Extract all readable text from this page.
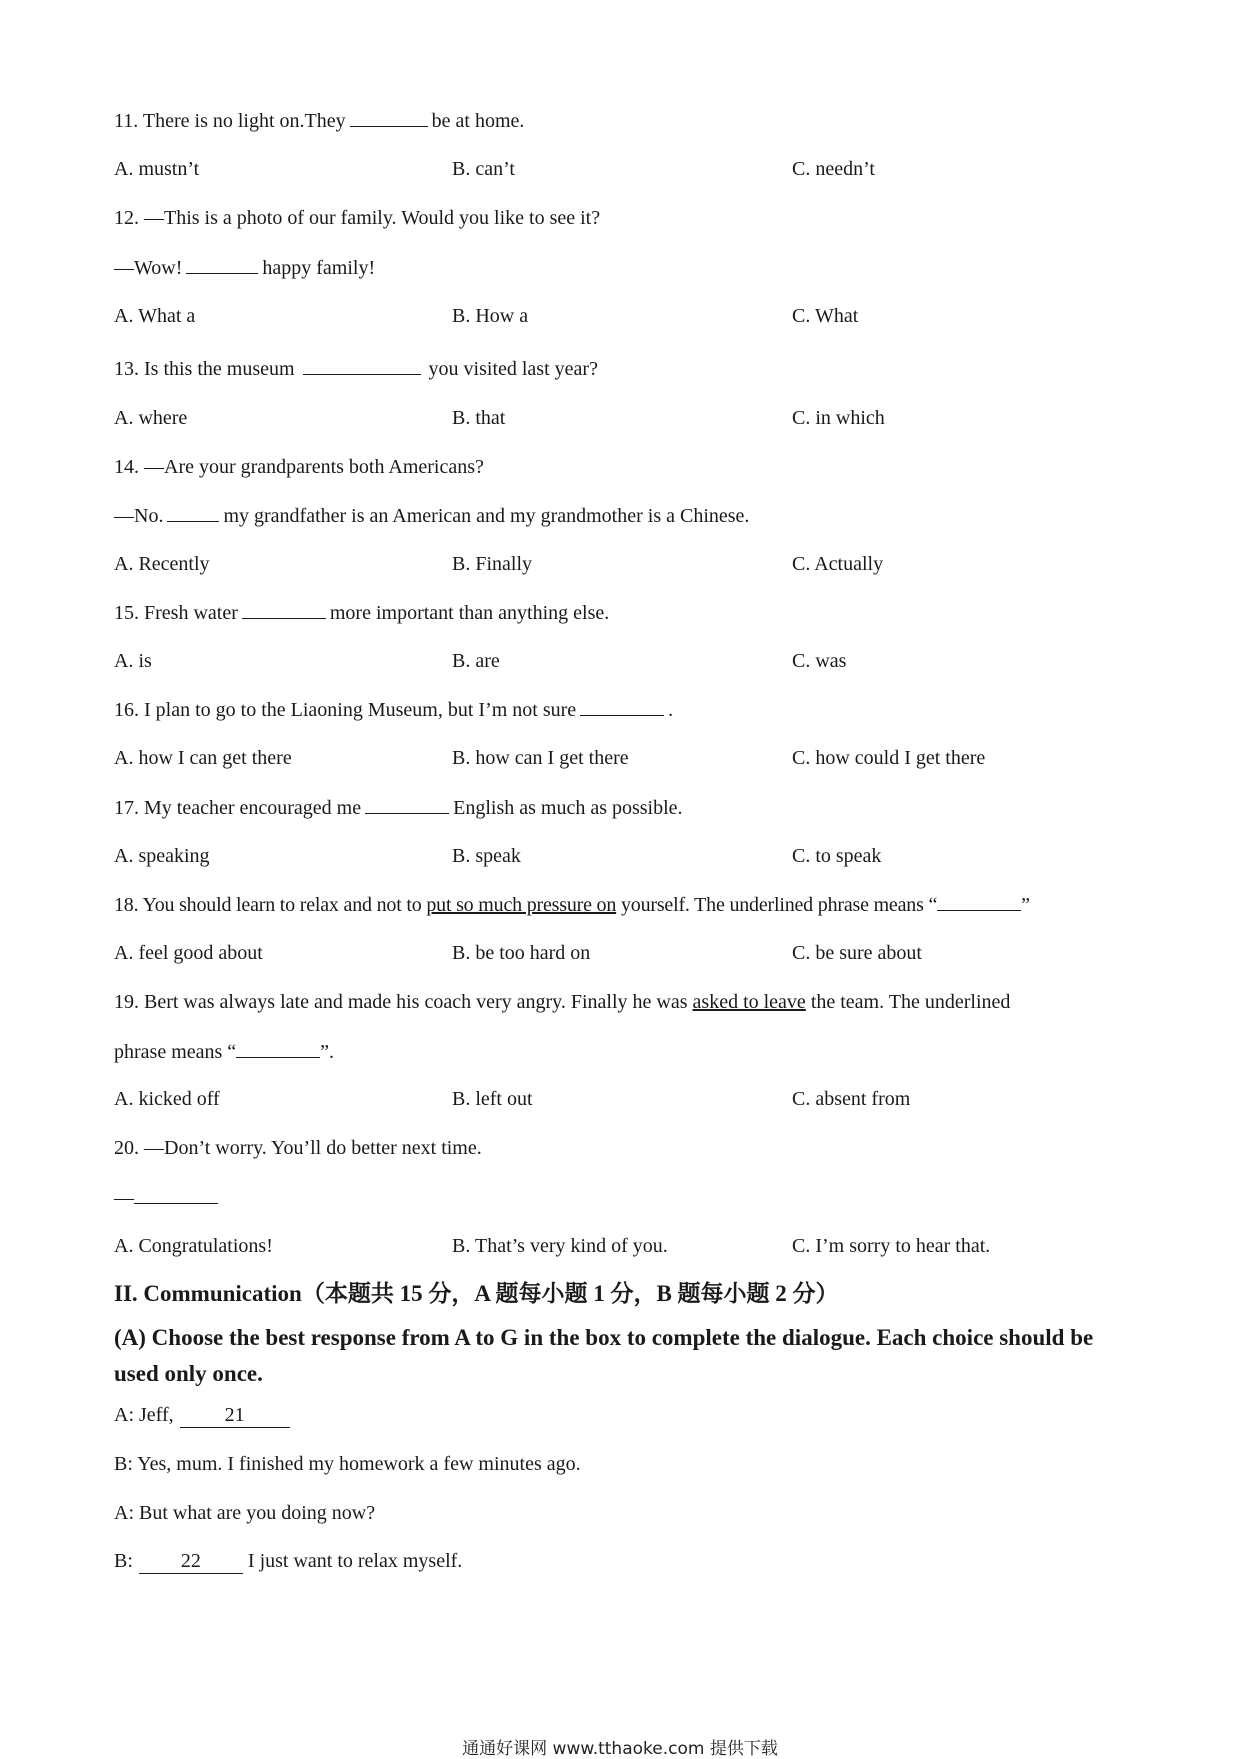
11. There is no light on.They	be at home.
A. mustn’t	B. can’t	C. needn’t
12. —This is a photo of our family. Would you like to see it?
—Wow!	happy family!
A. What a	B. How a	C. What
13. Is this the museum	you visited last year?
A. where	B. that	C. in which
14. —Are your grandparents both Americans?
—No.	my grandfather is an American and my grandmother is a Chinese.
A. Recently	B. Finally	C. Actually
15. Fresh water	more important than anything else.
A. is	B. are	C. was
16. I plan to go to the Liaoning Museum, but I’m not sure	.
A. how I can get there	B. how can I get there	C. how could I get there
17. My teacher encouraged me	English as much as possible.
A. speaking	B. speak	C. to speak
18. You should learn to relax and not to put so much pressure on yourself. The underlined phrase means “	”
A. feel good about	B. be too hard on	C. be sure about
19. Bert was always late and made his coach very angry. Finally he was asked to leave the team. The underlined
phrase means “	”.
A. kicked off	B. left out	C. absent from
20. —Don’t worry. You’ll do better next time.
—
A. Congratulations!	B. That’s very kind of you.	C. I’m sorry to hear that.
II. Communication（本题共 15 分，A 题每小题 1 分，B 题每小题 2 分）
(A) Choose the best response from A to G in the box to complete the dialogue. Each choice should be used only once.
A: Jeff,	21
B: Yes, mum. I finished my homework a few minutes ago.
A: But what are you doing now?
B: 22 I just want to relax myself.
通通好课网 www.tthaoke.com 提供下载
